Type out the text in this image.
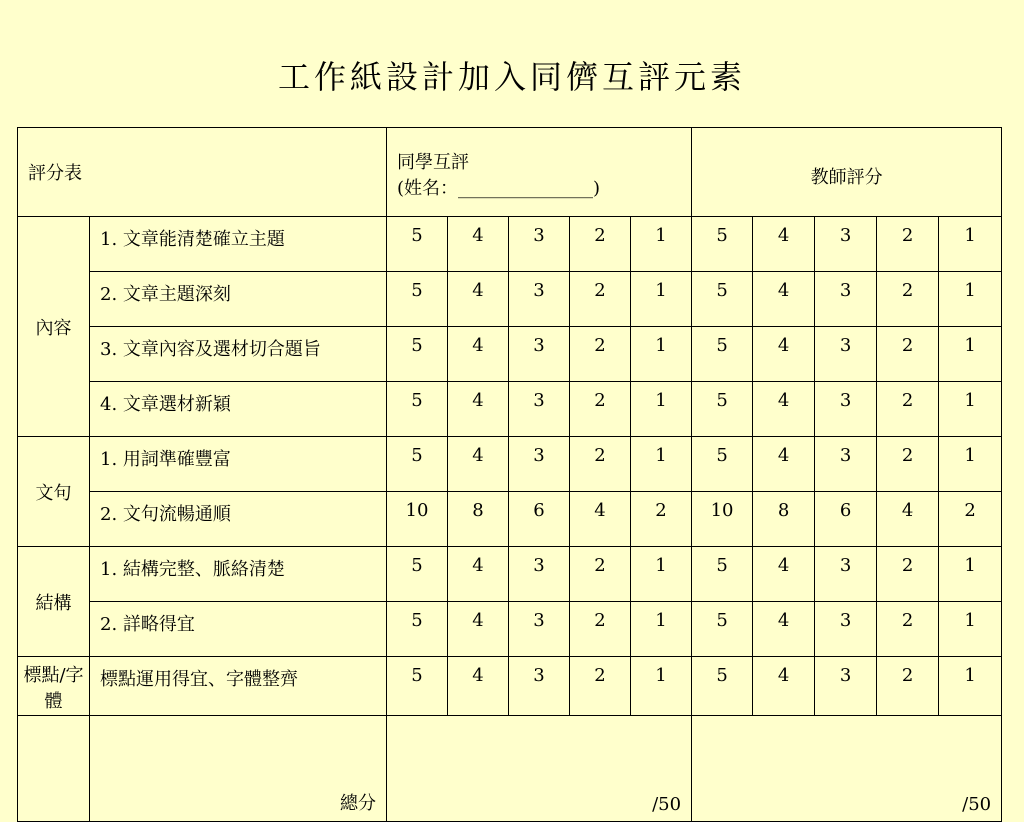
工作紙設計加入同儕互評元素
評分表		同學互評
(姓名：_______________)					教師評分				
內容	1. 文章能清楚確立主題	5	4	3	2	1	5	4	3	2	1
	2. 文章主題深刻	5	4	3	2	1	5	4	3	2	1
	3. 文章內容及選材切合題旨	5	4	3	2	1	5	4	3	2	1
	4. 文章選材新穎	5	4	3	2	1	5	4	3	2	1
文句	1. 用詞準確豐富	5	4	3	2	1	5	4	3	2	1
	2. 文句流暢通順	10	8	6	4	2	10	8	6	4	2
結構	1. 結構完整、脈絡清楚	5	4	3	2	1	5	4	3	2	1
	2. 詳略得宜	5	4	3	2	1	5	4	3	2	1
標點/字體	標點運用得宜、字體整齊	5	4	3	2	1	5	4	3	2	1
	總分	/50					/50				
